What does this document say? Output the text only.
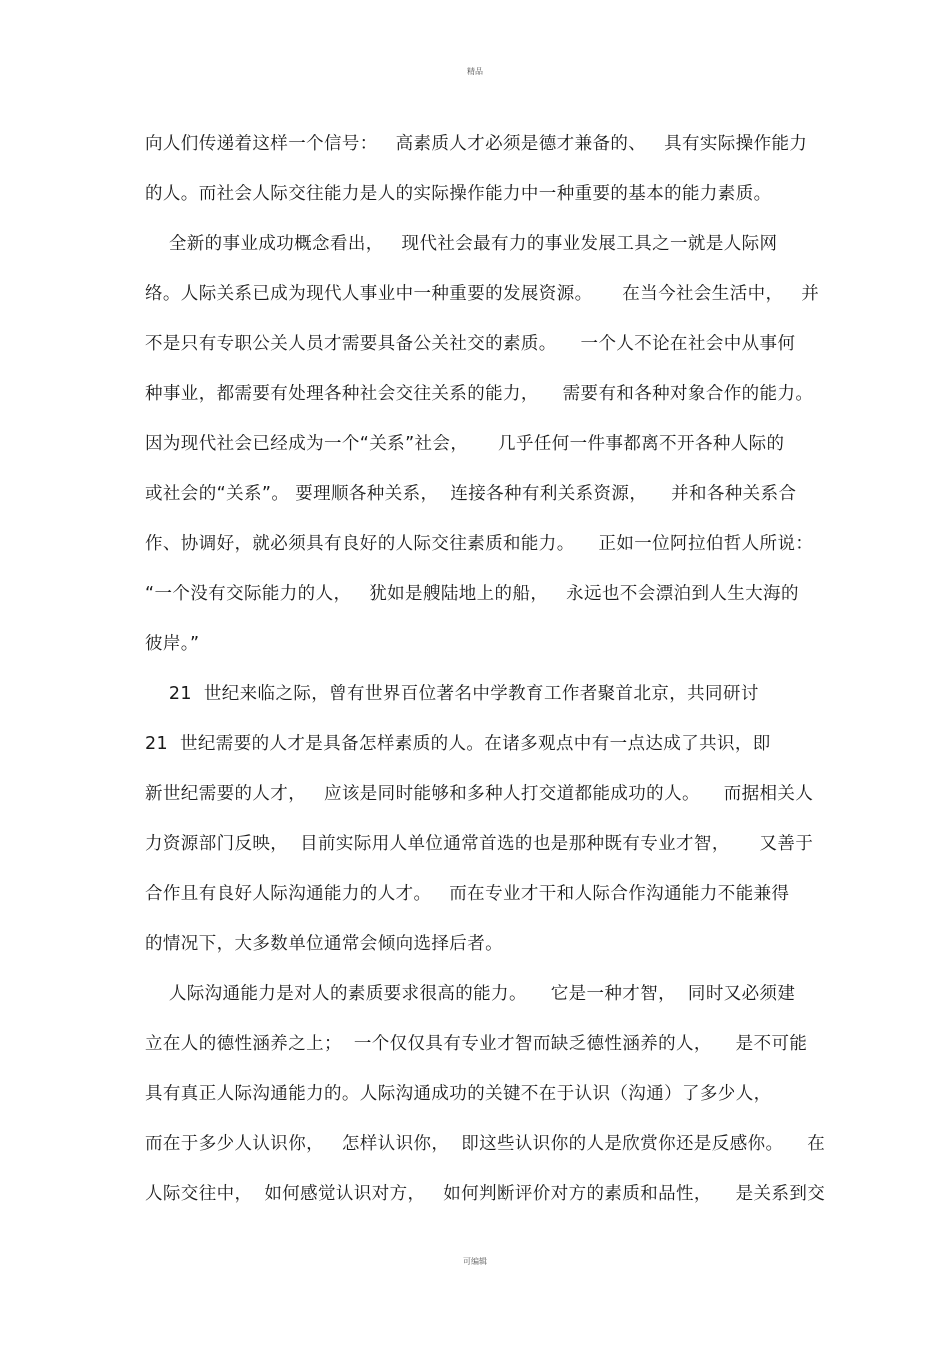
精品
向人们传递着这样一个信号：   高素质人才必须是德才兼备的、   具有实际操作能力
的人。而社会人际交往能力是人的实际操作能力中一种重要的基本的能力素质。
全新的事业成功概念看出，   现代社会最有力的事业发展工具之一就是人际网
络。人际关系已成为现代人事业中一种重要的发展资源。     在当今社会生活中，   并
不是只有专职公关人员才需要具备公关社交的素质。    一个人不论在社会中从事何
种事业，都需要有处理各种社会交往关系的能力，    需要有和各种对象合作的能力。
因为现代社会已经成为一个“关系”社会，     几乎任何一件事都离不开各种人际的
或社会的“关系”。 要理顺各种关系，  连接各种有利关系资源，    并和各种关系合
作、协调好，就必须具有良好的人际交往素质和能力。    正如一位阿拉伯哲人所说：
“一个没有交际能力的人，   犹如是艘陆地上的船，   永远也不会漂泊到人生大海的
彼岸。”
21  世纪来临之际，曾有世界百位著名中学教育工作者聚首北京，共同研讨
21  世纪需要的人才是具备怎样素质的人。在诸多观点中有一点达成了共识，即
新世纪需要的人才，   应该是同时能够和多种人打交道都能成功的人。    而据相关人
力资源部门反映，  目前实际用人单位通常首选的也是那种既有专业才智，     又善于
合作且有良好人际沟通能力的人才。   而在专业才干和人际合作沟通能力不能兼得
的情况下，大多数单位通常会倾向选择后者。
人际沟通能力是对人的素质要求很高的能力。    它是一种才智，  同时又必须建
立在人的德性涵养之上；  一个仅仅具有专业才智而缺乏德性涵养的人，    是不可能
具有真正人际沟通能力的。人际沟通成功的关键不在于认识（沟通）了多少人，
而在于多少人认识你，   怎样认识你，  即这些认识你的人是欣赏你还是反感你。    在
人际交往中，  如何感觉认识对方，   如何判断评价对方的素质和品性，    是关系到交
可编辑
